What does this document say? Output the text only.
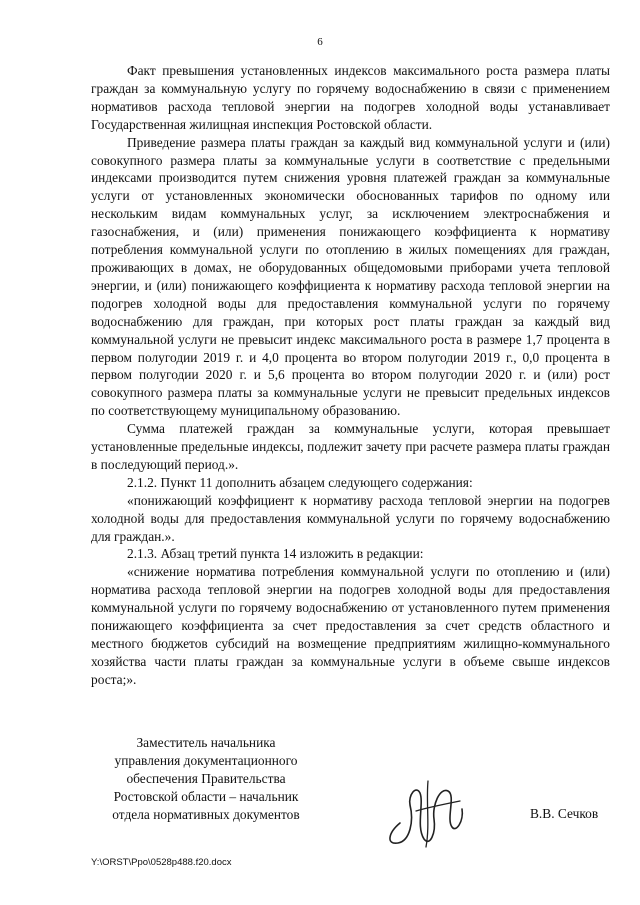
6

Факт превышения установленных индексов максимального роста размера платы граждан за коммунальную услугу по горячему водоснабжению в связи с применением нормативов расхода тепловой энергии на подогрев холодной воды устанавливает Государственная жилищная инспекция Ростовской области.

Приведение размера платы граждан за каждый вид коммунальной услуги и (или) совокупного размера платы за коммунальные услуги в соответствие с предельными индексами производится путем снижения уровня платежей граждан за коммунальные услуги от установленных экономически обоснованных тарифов по одному или нескольким видам коммунальных услуг, за исключением электроснабжения и газоснабжения, и (или) применения понижающего коэффициента к нормативу потребления коммунальной услуги по отоплению в жилых помещениях для граждан, проживающих в домах, не оборудованных общедомовыми приборами учета тепловой энергии, и (или) понижающего коэффициента к нормативу расхода тепловой энергии на подогрев холодной воды для предоставления коммунальной услуги по горячему водоснабжению для граждан, при которых рост платы граждан за каждый вид коммунальной услуги не превысит индекс максимального роста в размере 1,7 процента в первом полугодии 2019 г. и 4,0 процента во втором полугодии 2019 г., 0,0 процента в первом полугодии 2020 г. и 5,6 процента во втором полугодии 2020 г. и (или) рост совокупного размера платы за коммунальные услуги не превысит предельных индексов по соответствующему муниципальному образованию.

Сумма платежей граждан за коммунальные услуги, которая превышает установленные предельные индексы, подлежит зачету при расчете размера платы граждан в последующий период.».

2.1.2. Пункт 11 дополнить абзацем следующего содержания:

«понижающий коэффициент к нормативу расхода тепловой энергии на подогрев холодной воды для предоставления коммунальной услуги по горячему водоснабжению для граждан.».

2.1.3. Абзац третий пункта 14 изложить в редакции:

«снижение норматива потребления коммунальной услуги по отоплению и (или) норматива расхода тепловой энергии на подогрев холодной воды для предоставления коммунальной услуги по горячему водоснабжению от установленного путем применения понижающего коэффициента за счет предоставления за счет средств областного и местного бюджетов субсидий на возмещение предприятиям жилищно-коммунального хозяйства части платы граждан за коммунальные услуги в объеме свыше индексов роста;».

Заместитель начальника
управления документационного
обеспечения Правительства
Ростовской области – начальник
отдела нормативных документов	В.В. Сечков
Y:\ORST\Ppo\0528p488.f20.docx
